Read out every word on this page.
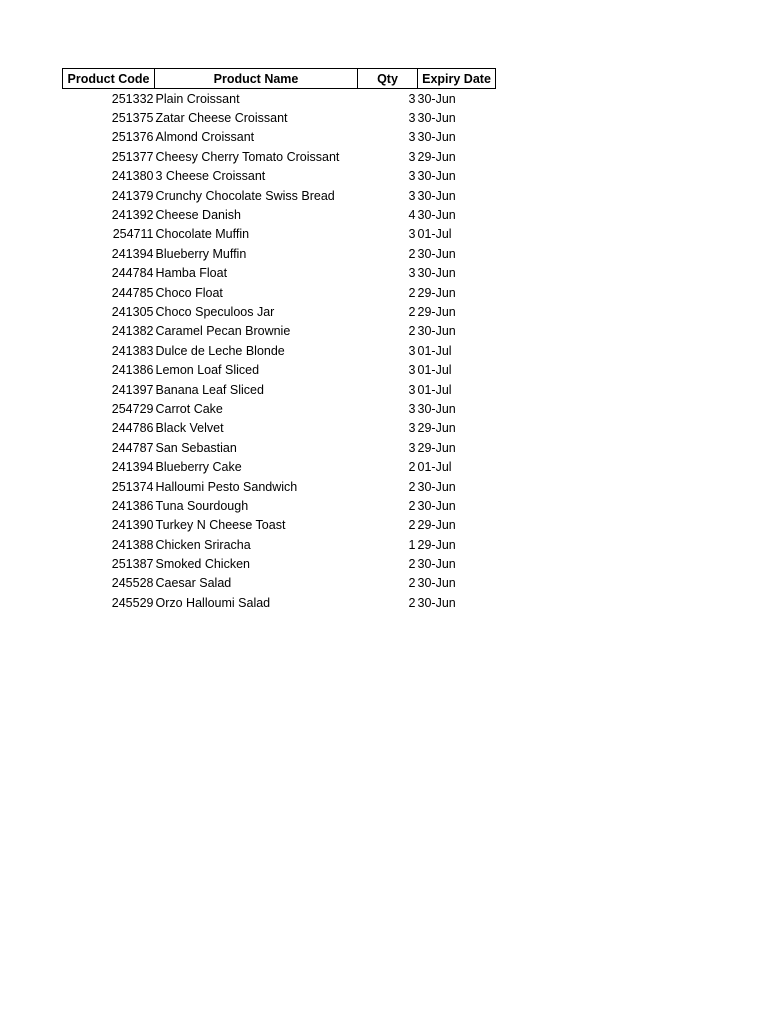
Product Code	Product Name	Qty	Expiry Date
251332	Plain Croissant	3	30-Jun
251375	Zatar Cheese Croissant	3	30-Jun
251376	Almond Croissant	3	30-Jun
251377	Cheesy Cherry Tomato Croissant	3	29-Jun
241380	3 Cheese Croissant	3	30-Jun
241379	Crunchy Chocolate Swiss Bread	3	30-Jun
241392	Cheese Danish	4	30-Jun
254711	Chocolate Muffin	3	01-Jul
241394	Blueberry Muffin	2	30-Jun
244784	Hamba Float	3	30-Jun
244785	Choco Float	2	29-Jun
241305	Choco Speculoos Jar	2	29-Jun
241382	Caramel Pecan Brownie	2	30-Jun
241383	Dulce de Leche Blonde	3	01-Jul
241386	Lemon Loaf Sliced	3	01-Jul
241397	Banana Leaf Sliced	3	01-Jul
254729	Carrot Cake	3	30-Jun
244786	Black Velvet	3	29-Jun
244787	San Sebastian	3	29-Jun
241394	Blueberry Cake	2	01-Jul
251374	Halloumi Pesto Sandwich	2	30-Jun
241386	Tuna Sourdough	2	30-Jun
241390	Turkey N Cheese Toast	2	29-Jun
241388	Chicken Sriracha	1	29-Jun
251387	Smoked Chicken	2	30-Jun
245528	Caesar Salad	2	30-Jun
245529	Orzo Halloumi Salad	2	30-Jun
